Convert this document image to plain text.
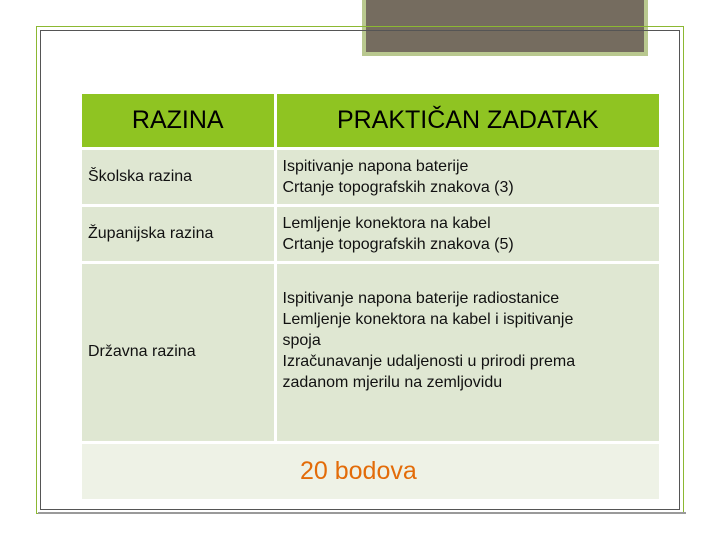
RAZINA	PRAKTIČAN ZADATAK
Školska razina	Ispitivanje napona baterije
Crtanje topografskih znakova (3)

Županijska razina	Lemljenje konektora na kabel
Crtanje topografskih znakova (5)

Državna razina	Ispitivanje napona baterije radiostanice
Lemljenje konektora na kabel i ispitivanje
spoja
Izračunavanje udaljenosti u prirodi prema
zadanom mjerilu na zemljovidu

20 bodova	
